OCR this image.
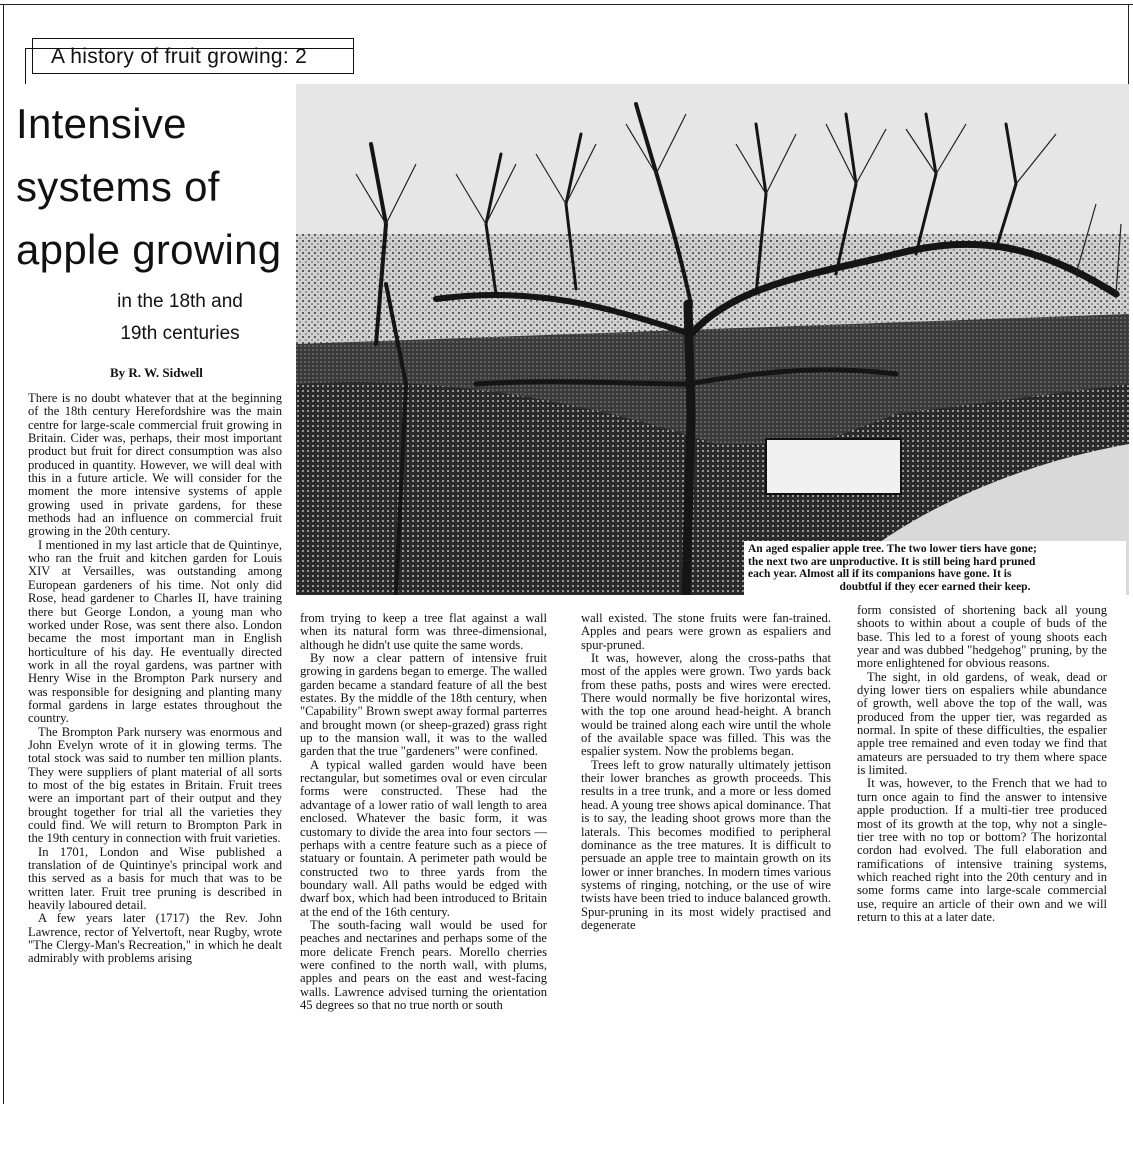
A history of fruit growing: 2
Intensive
systems of
apple growing
in the 18th and
19th centuries
By R. W. Sidwell
An aged espalier apple tree. The two lower tiers have gone;
the next two are unproductive. It is still being hard pruned
each year. Almost all if its companions have gone. It is

doubtful if they ecer earned their keep.

There is no doubt whatever that at the beginning of the 18th century Herefordshire was the main centre for large-scale commercial fruit growing in Britain. Cider was, perhaps, their most important product but fruit for direct consumption was also produced in quantity. However, we will deal with this in a future article. We will consider for the moment the more intensive systems of apple growing used in private gardens, for these methods had an influence on commercial fruit growing in the 20th century.

I mentioned in my last article that de Quintinye, who ran the fruit and kitchen garden for Louis XIV at Versailles, was outstanding among European gardeners of his time. Not only did Rose, head gardener to Charles II, have training there but George London, a young man who worked under Rose, was sent there also. London became the most important man in English horticulture of his day. He eventually directed work in all the royal gardens, was partner with Henry Wise in the Brompton Park nursery and was responsible for designing and planting many formal gardens in large estates throughout the country.

The Brompton Park nursery was enormous and John Evelyn wrote of it in glowing terms. The total stock was said to number ten million plants. They were suppliers of plant material of all sorts to most of the big estates in Britain. Fruit trees were an important part of their output and they brought together for trial all the varieties they could find. We will return to Brompton Park in the 19th century in connection with fruit varieties.

In 1701, London and Wise published a translation of de Quintinye's principal work and this served as a basis for much that was to be written later. Fruit tree pruning is described in heavily laboured detail.

A few years later (1717) the Rev. John Lawrence, rector of Yelvertoft, near Rugby, wrote "The Clergy-Man's Recreation," in which he dealt admirably with problems arising

from trying to keep a tree flat against a wall when its natural form was three-dimensional, although he didn't use quite the same words.

By now a clear pattern of intensive fruit growing in gardens began to emerge. The walled garden became a standard feature of all the best estates. By the middle of the 18th century, when "Capability" Brown swept away formal parterres and brought mown (or sheep-grazed) grass right up to the mansion wall, it was to the walled garden that the true "gardeners" were confined.

A typical walled garden would have been rectangular, but sometimes oval or even circular forms were constructed. These had the advantage of a lower ratio of wall length to area enclosed. Whatever the basic form, it was customary to divide the area into four sectors — perhaps with a centre feature such as a piece of statuary or fountain. A perimeter path would be constructed two to three yards from the boundary wall. All paths would be edged with dwarf box, which had been introduced to Britain at the end of the 16th century.

The south-facing wall would be used for peaches and nectarines and perhaps some of the more delicate French pears. Morello cherries were confined to the north wall, with plums, apples and pears on the east and west-facing walls. Lawrence advised turning the orientation 45 degrees so that no true north or south

wall existed. The stone fruits were fan-trained. Apples and pears were grown as espaliers and spur-pruned.

It was, however, along the cross-paths that most of the apples were grown. Two yards back from these paths, posts and wires were erected. There would normally be five horizontal wires, with the top one around head-height. A branch would be trained along each wire until the whole of the available space was filled. This was the espalier system. Now the problems began.

Trees left to grow naturally ultimately jettison their lower branches as growth proceeds. This results in a tree trunk, and a more or less domed head. A young tree shows apical dominance. That is to say, the leading shoot grows more than the laterals. This becomes modified to peripheral dominance as the tree matures. It is difficult to persuade an apple tree to maintain growth on its lower or inner branches. In modern times various systems of ringing, notching, or the use of wire twists have been tried to induce balanced growth. Spur-pruning in its most widely practised and degenerate

form consisted of shortening back all young shoots to within about a couple of buds of the base. This led to a forest of young shoots each year and was dubbed "hedgehog" pruning, by the more enlightened for obvious reasons.

The sight, in old gardens, of weak, dead or dying lower tiers on espaliers while abundance of growth, well above the top of the wall, was produced from the upper tier, was regarded as normal. In spite of these difficulties, the espalier apple tree remained and even today we find that amateurs are persuaded to try them where space is limited.

It was, however, to the French that we had to turn once again to find the answer to intensive apple production. If a multi-tier tree produced most of its growth at the top, why not a single-tier tree with no top or bottom? The horizontal cordon had evolved. The full elaboration and ramifications of intensive training systems, which reached right into the 20th century and in some forms came into large-scale commercial use, require an article of their own and we will return to this at a later date.
